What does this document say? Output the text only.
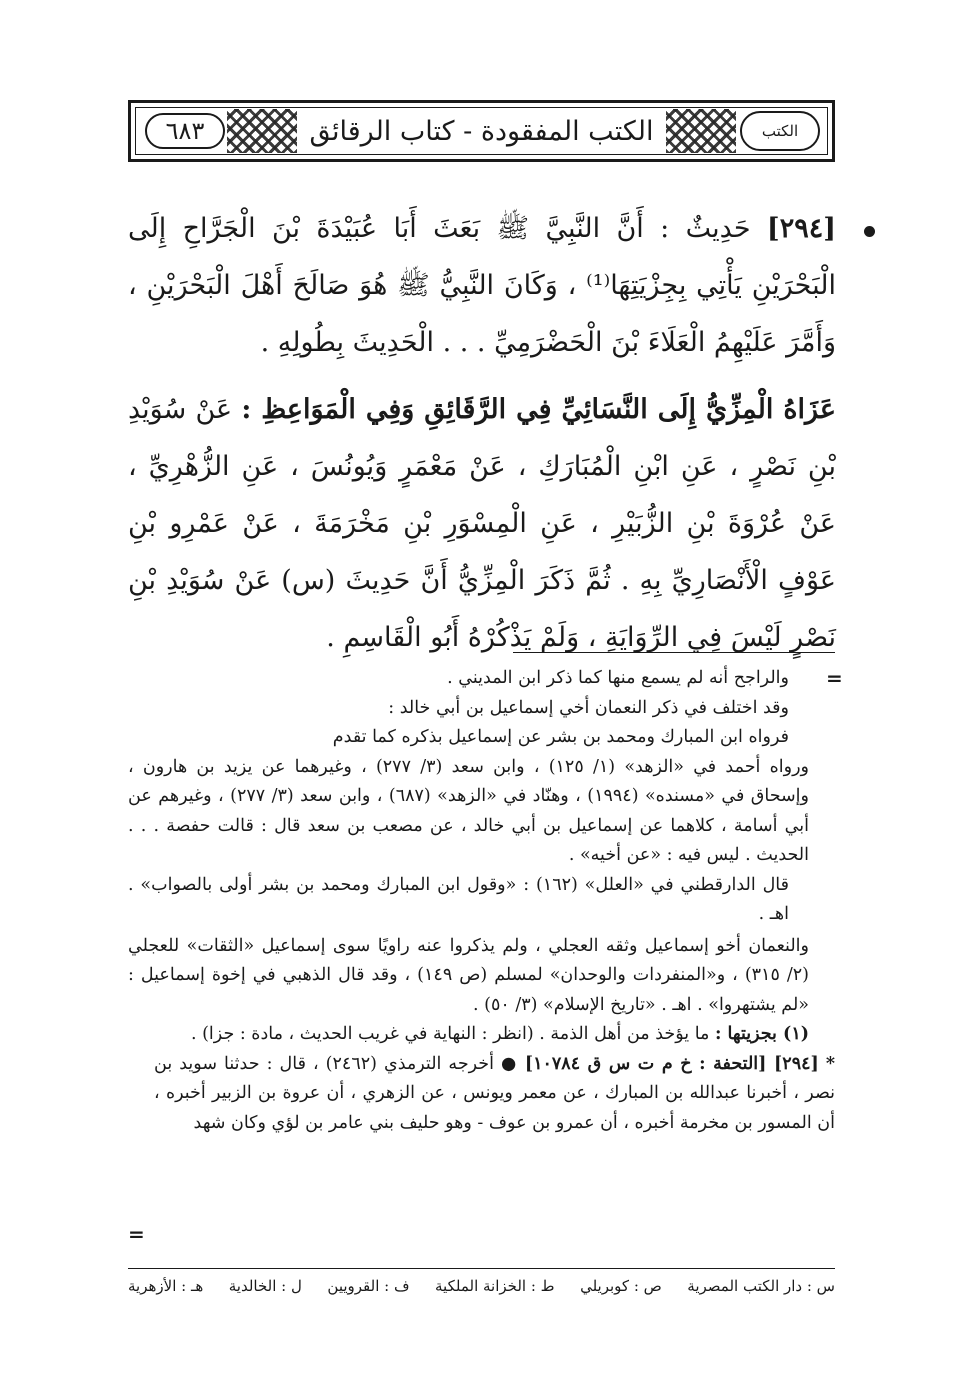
الكتب
الكتب المفقودة - كتاب الرقائق
٦٨٣

[٢٩٤] حَدِيثٌ : أَنَّ النَّبِيَّ ﷺ بَعَثَ أَبَا عُبَيْدَةَ بْنَ الْجَرَّاحِ إِلَى الْبَحْرَيْنِ يَأْتِي بِجِزْيَتِهَا⁽¹⁾ ، وَكَانَ النَّبِيُّ ﷺ هُوَ صَالَحَ أَهْلَ الْبَحْرَيْنِ ، وَأَمَّرَ عَلَيْهِمُ الْعَلَاءَ بْنَ الْحَضْرَمِيِّ . . . الْحَدِيثَ بِطُولِهِ .

عَزَاهُ الْمِزِّيُّ إِلَى النَّسَائِيِّ فِي الرَّقَائِقِ وَفِي الْمَوَاعِظِ : عَنْ سُوَيْدِ بْنِ نَصْرٍ ، عَنِ ابْنِ الْمُبَارَكِ ، عَنْ مَعْمَرٍ وَيُونُسَ ، عَنِ الزُّهْرِيِّ ، عَنْ عُرْوَةَ بْنِ الزُّبَيْرِ ، عَنِ الْمِسْوَرِ بْنِ مَخْرَمَةَ ، عَنْ عَمْرِو بْنِ عَوْفٍ الْأَنْصَارِيِّ بِهِ . ثُمَّ ذَكَرَ الْمِزِّيُّ أَنَّ حَدِيثَ (س) عَنْ سُوَيْدِ بْنِ نَصْرٍ لَيْسَ فِي الرِّوَايَةِ ، وَلَمْ يَذْكُرْهُ أَبُو الْقَاسِمِ .

=

والراجح أنه لم يسمع منها كما ذكر ابن المديني .

وقد اختلف في ذكر النعمان أخي إسماعيل بن أبي خالد :

فرواه ابن المبارك ومحمد بن بشر عن إسماعيل بذكره كما تقدم

ورواه أحمد في «الزهد» (١/ ١٢٥) ، وابن سعد (٣/ ٢٧٧) ، وغيرهما عن يزيد بن هارون ، وإسحاق في «مسنده» (١٩٩٤) ، وهنّاد في «الزهد» (٦٨٧) ، وابن سعد (٣/ ٢٧٧) ، وغيرهم عن أبي أسامة ، كلاهما عن إسماعيل بن أبي خالد ، عن مصعب بن سعد قال : قالت حفصة . . . الحديث . ليس فيه : «عن أخيه» .

قال الدارقطني في «العلل» (١٦٢) : «وقول ابن المبارك ومحمد بن بشر أولى بالصواب» . اهـ .

والنعمان أخو إسماعيل وثقه العجلي ، ولم يذكروا عنه راويًا سوى إسماعيل «الثقات» للعجلي (٢/ ٣١٥) ، و«المنفردات والوحدان» لمسلم (ص ١٤٩) ، وقد قال الذهبي في إخوة إسماعيل : «لم يشتهروا» . اهـ . «تاريخ الإسلام» (٣/ ٥٠) .

(١) بجزيتها : ما يؤخذ من أهل الذمة . (انظر : النهاية في غريب الحديث ، مادة : جزا) .

* [٢٩٤] [التحفة : خ م ت س ق ١٠٧٨٤] ● أخرجه الترمذي (٢٤٦٢) ، قال : حدثنا سويد بن نصر ، أخبرنا عبدالله بن المبارك ، عن معمر ويونس ، عن الزهري ، أن عروة بن الزبير أخبره ، أن المسور بن مخرمة أخبره ، أن عمرو بن عوف - وهو حليف بني عامر بن لؤي وكان شهد

=
س : دار الكتب المصرية
ص : كوبريلي
ط : الخزانة الملكية
ف : القرويين
ل : الخالدية
هـ : الأزهرية
